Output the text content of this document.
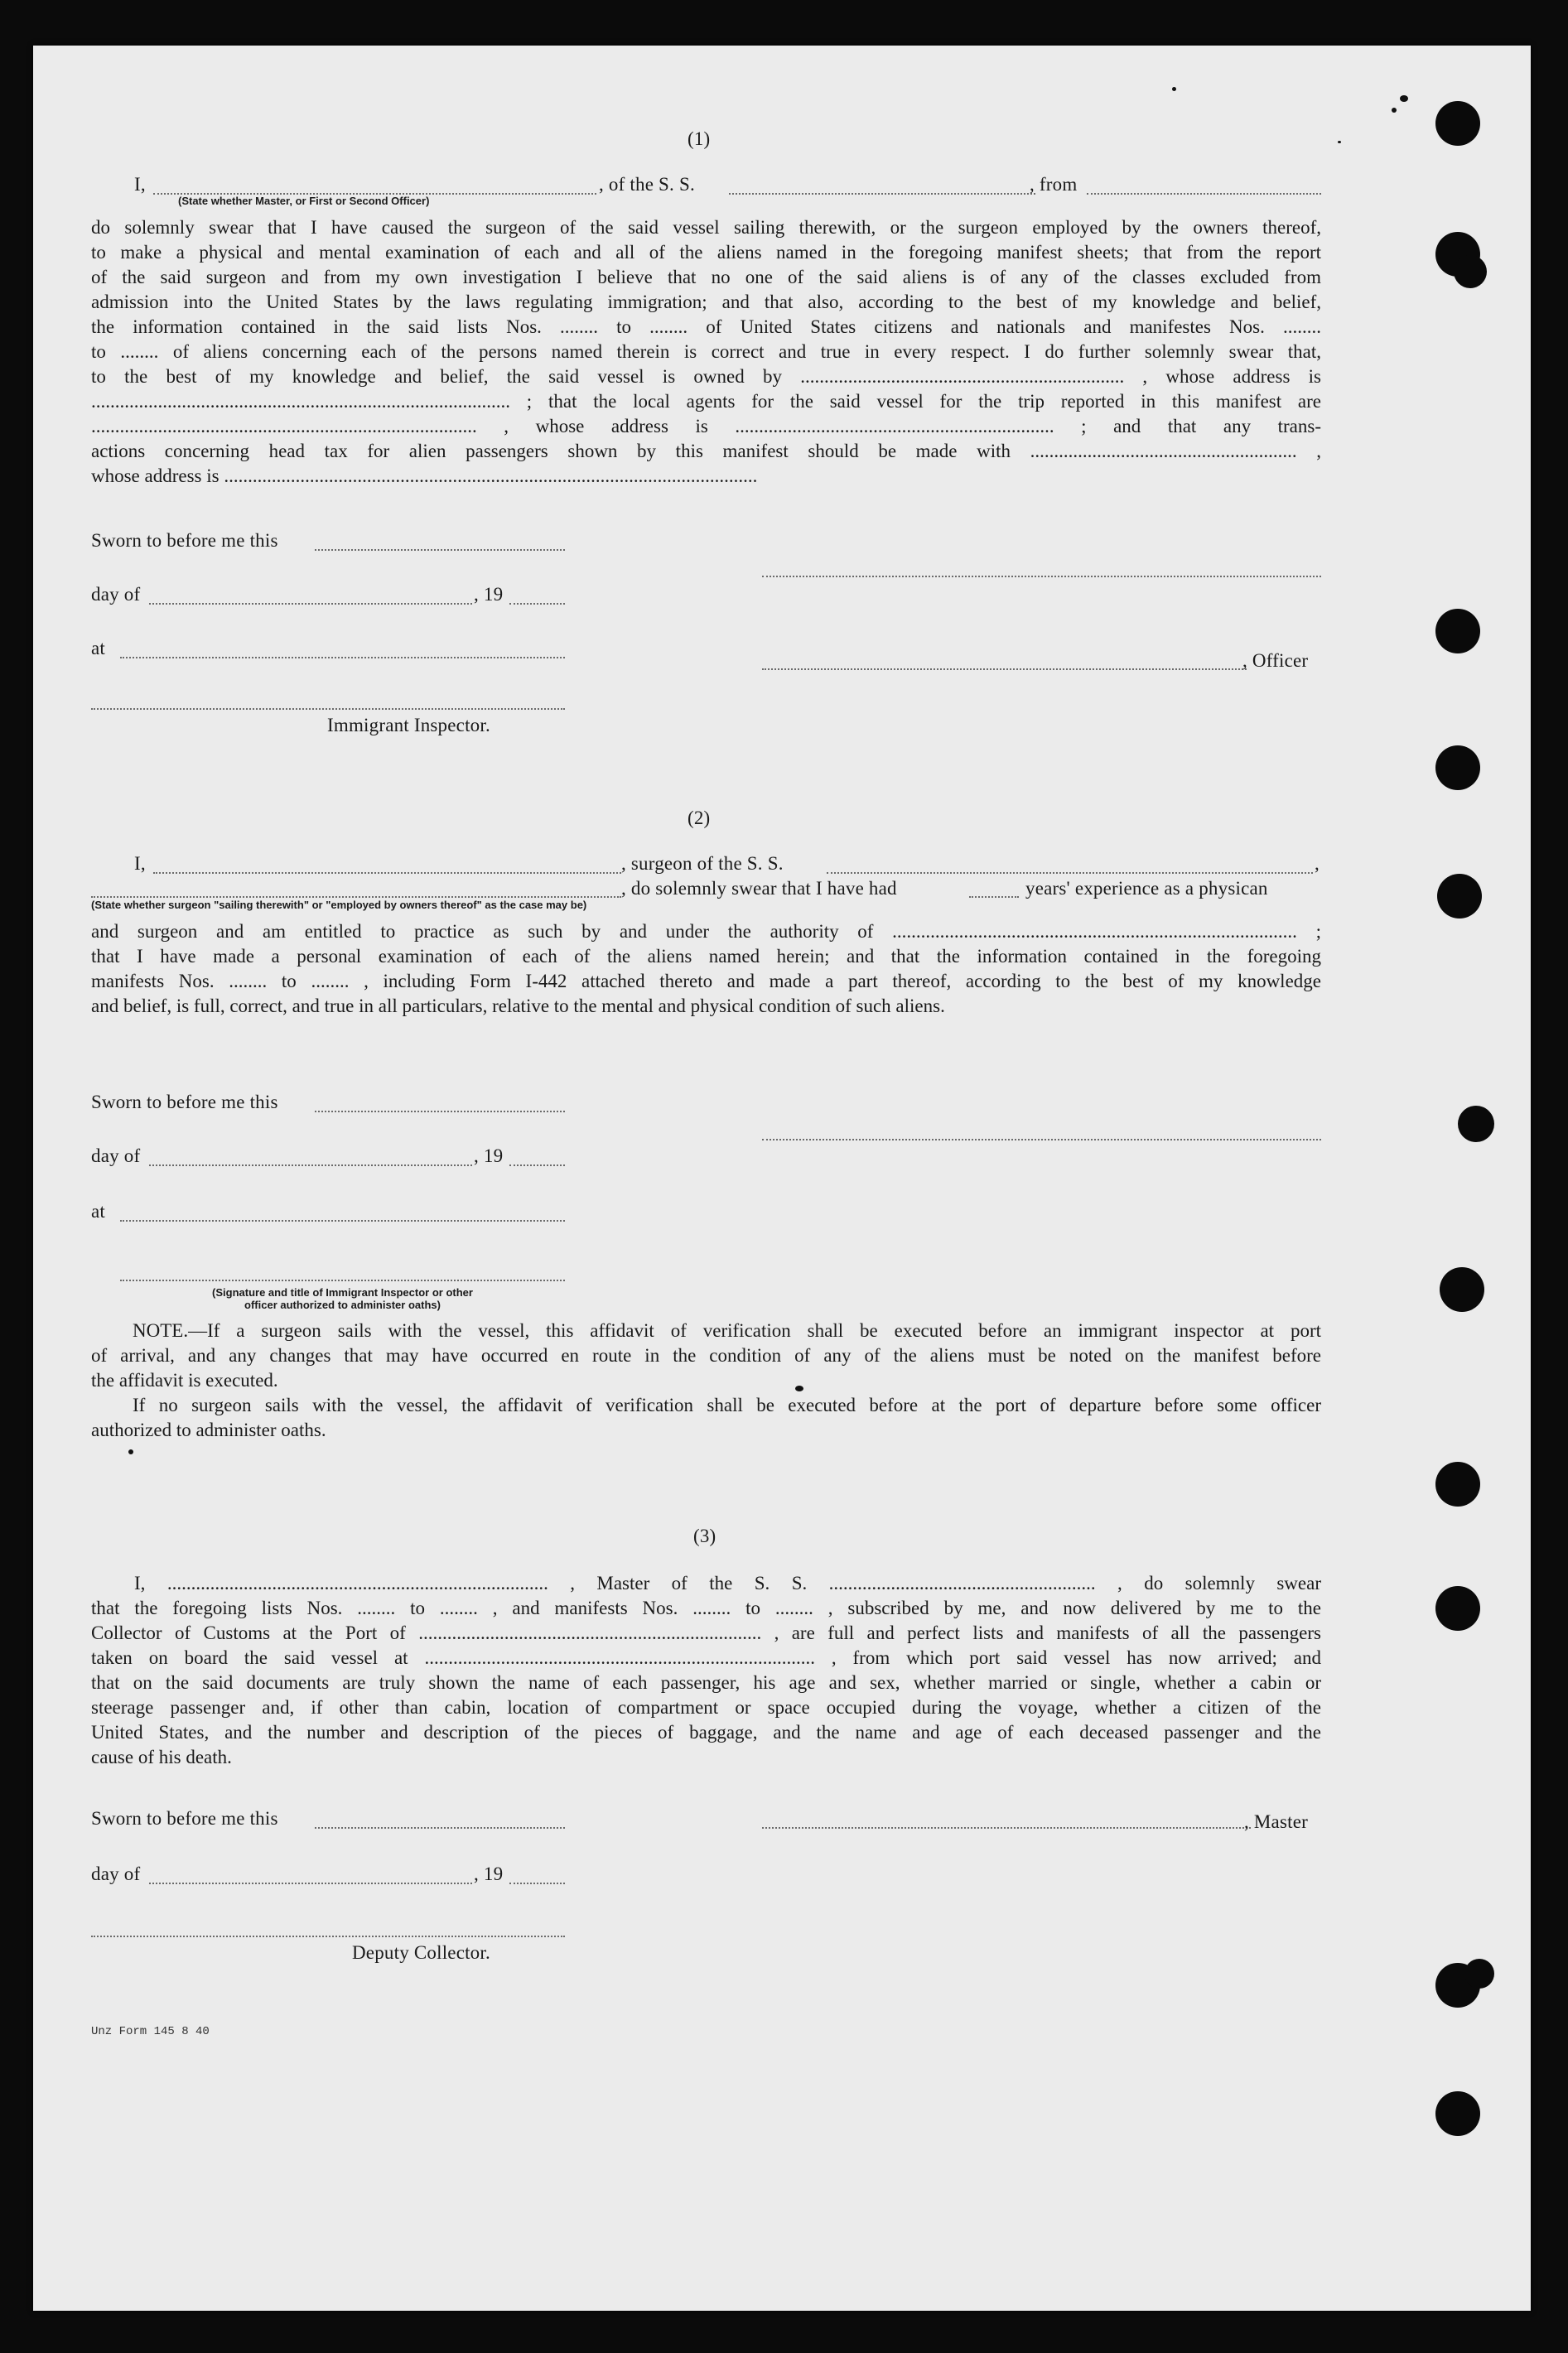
(1)
I,	, of the S. S.	, from
(State whether Master, or First or Second Officer)
do solemnly swear that I have caused the surgeon of the said vessel sailing therewith, or the surgeon employed by the owners thereof,
to make a physical and mental examination of each and all of the aliens named in the foregoing manifest sheets; that from the report
of the said surgeon and from my own investigation I believe that no one of the said aliens is of any of the classes excluded from
admission into the United States by the laws regulating immigration; and that also, according to the best of my knowledge and belief,
the information contained in the said lists Nos. ........ to ........ of United States citizens and nationals and manifestes Nos. ........
to ........ of aliens concerning each of the persons named therein is correct and true in every respect. I do further solemnly swear that,
to the best of my knowledge and belief, the said vessel is owned by .................................................................... , whose address is
........................................................................................ ; that the local agents for the said vessel for the trip reported in this manifest are
................................................................................. , whose address is ................................................................... ; and that any trans-
actions concerning head tax for alien passengers shown by this manifest should be made with ........................................................ ,
whose address is ................................................................................................................
Sworn to before me this
day of	, 19
at
, Officer
Immigrant Inspector.
(2)
I,	, surgeon of the S. S.	,
, do solemnly swear that I have had	years' experience as a physican
(State whether surgeon "sailing therewith" or "employed by owners thereof" as the case may be)
and surgeon and am entitled to practice as such by and under the authority of ..................................................................................... ;
that I have made a personal examination of each of the aliens named herein; and that the information contained in the foregoing
manifests Nos. ........ to ........ , including Form I-442 attached thereto and made a part thereof, according to the best of my knowledge
and belief, is full, correct, and true in all particulars, relative to the mental and physical condition of such aliens.
Sworn to before me this
day of	, 19
at
(Signature and title of Immigrant Inspector or other
officer authorized to administer oaths)
NOTE.—If a surgeon sails with the vessel, this affidavit of verification shall be executed before an immigrant inspector at port
of arrival, and any changes that may have occurred en route in the condition of any of the aliens must be noted on the manifest before
the affidavit is executed.
If no surgeon sails with the vessel, the affidavit of verification shall be executed before at the port of departure before some officer
authorized to administer oaths.
(3)
I, ................................................................................ , Master of the S. S. ........................................................ , do solemnly swear
that the foregoing lists Nos. ........ to ........ , and manifests Nos. ........ to ........ , subscribed by me, and now delivered by me to the
Collector of Customs at the Port of ........................................................................ , are full and perfect lists and manifests of all the passengers
taken on board the said vessel at .................................................................................. , from which port said vessel has now arrived; and
that on the said documents are truly shown the name of each passenger, his age and sex, whether married or single, whether a cabin or
steerage passenger and, if other than cabin, location of compartment or space occupied during the voyage, whether a citizen of the
United States, and the number and description of the pieces of baggage, and the name and age of each deceased passenger and the
cause of his death.
Sworn to before me this	, Master
day of	, 19
Deputy Collector.
Unz Form 145 8 40
